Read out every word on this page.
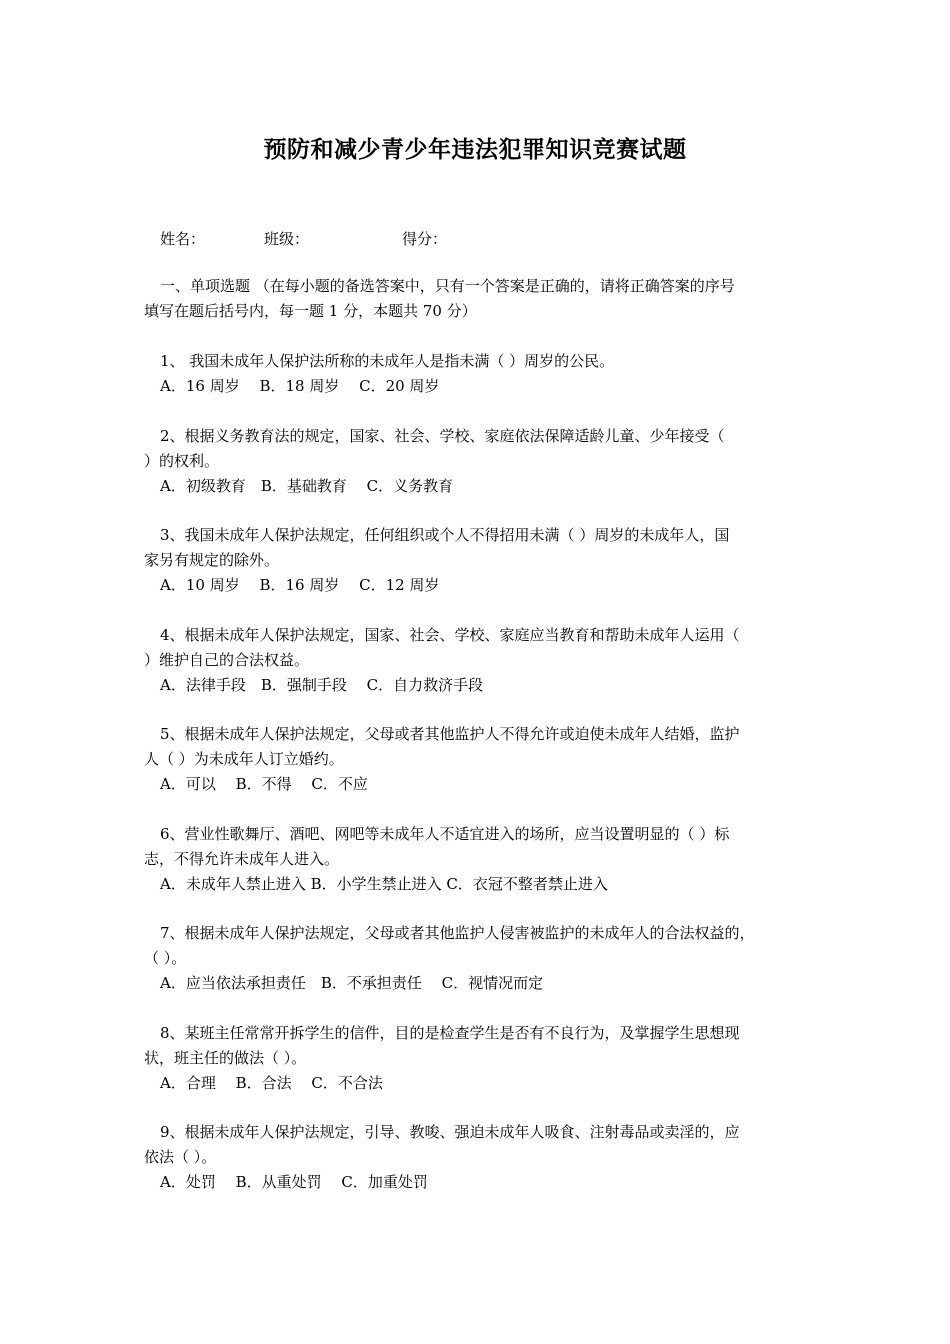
预防和减少青少年违法犯罪知识竞赛试题
姓名：	班级：	得分：
一、单项选题 （在每小题的备选答案中，只有一个答案是正确的，请将正确答案的序号
填写在题后括号内，每一题 1 分，本题共 70 分）
1、 我国未成年人保护法所称的未成年人是指未满（ ）周岁的公民。
A．16 周岁　 B．18 周岁　 C．20 周岁
2、根据义务教育法的规定，国家、社会、学校、家庭依法保障适龄儿童、少年接受（
）的权利。
A．初级教育　B．基础教育　 C．义务教育
3、我国未成年人保护法规定，任何组织或个人不得招用未满（ ）周岁的未成年人，国
家另有规定的除外。
A．10 周岁　 B．16 周岁　 C．12 周岁
4、根据未成年人保护法规定，国家、社会、学校、家庭应当教育和帮助未成年人运用（
）维护自己的合法权益。
A．法律手段　B．强制手段　 C．自力救济手段
5、根据未成年人保护法规定，父母或者其他监护人不得允许或迫使未成年人结婚，监护
人（ ）为未成年人订立婚约。
A．可以　 B．不得　 C．不应
6、营业性歌舞厅、酒吧、网吧等未成年人不适宜进入的场所，应当设置明显的（ ）标
志，不得允许未成年人进入。
A．未成年人禁止进入 B．小学生禁止进入 C．衣冠不整者禁止进入
7、根据未成年人保护法规定，父母或者其他监护人侵害被监护的未成年人的合法权益的，
（ ）。
A．应当依法承担责任　B．不承担责任　 C．视情况而定
8、某班主任常常开拆学生的信件，目的是检查学生是否有不良行为，及掌握学生思想现
状，班主任的做法（ ）。
A．合理　 B．合法　 C．不合法
9、根据未成年人保护法规定，引导、教唆、强迫未成年人吸食、注射毒品或卖淫的，应
依法（ ）。
A．处罚　 B．从重处罚　 C．加重处罚
